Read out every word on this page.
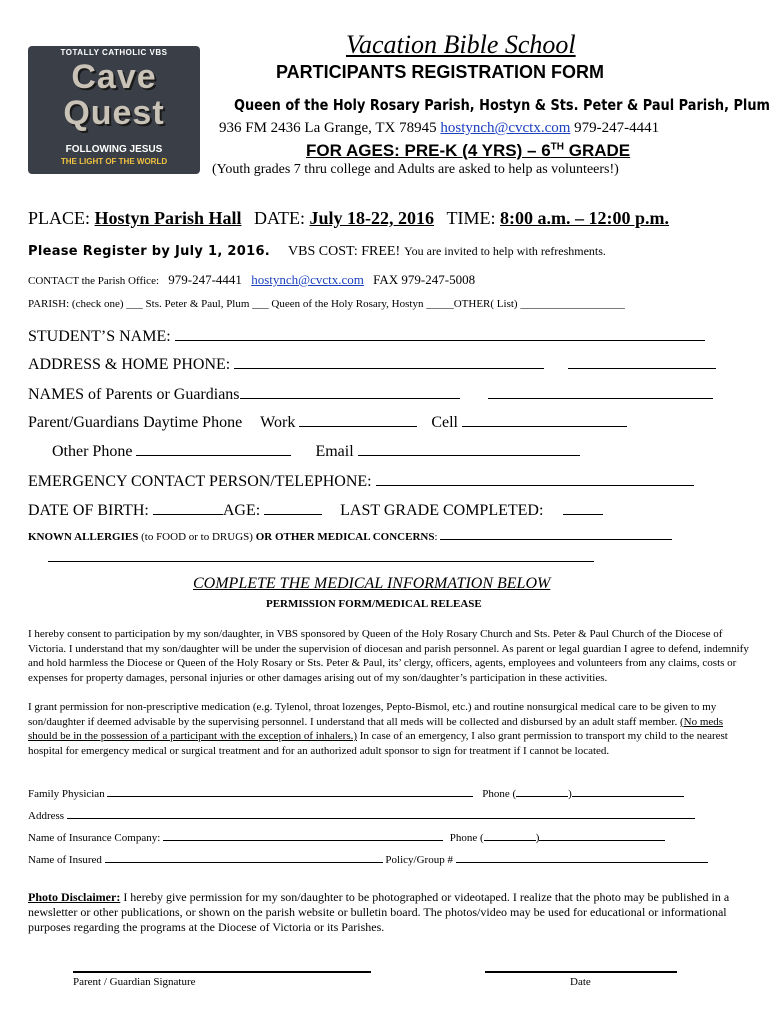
TOTALLY CATHOLIC VBS
Cave
Quest
FOLLOWING JESUS
THE LIGHT OF THE WORLD
Vacation Bible School
PARTICIPANTS REGISTRATION FORM
Queen of the Holy Rosary Parish, Hostyn & Sts. Peter & Paul Parish, Plum
936 FM 2436 La Grange, TX 78945 hostynch@cvctx.com 979-247-4441
FOR AGES: PRE-K (4 YRS) – 6TH GRADE
(Youth grades 7 thru college and Adults are asked to help as volunteers!)
PLACE: Hostyn Parish Hall DATE: July 18-22, 2016 TIME: 8:00 a.m. – 12:00 p.m.
Please Register by July 1, 2016. VBS COST: FREE! You are invited to help with refreshments.
CONTACT the Parish Office: 979-247-4441 hostynch@cvctx.com FAX 979-247-5008
PARISH: (check one) ___ Sts. Peter & Paul, Plum ___ Queen of the Holy Rosary, Hostyn _____OTHER( List) ___________________
STUDENT’S NAME:
ADDRESS & HOME PHONE:
NAMES of Parents or Guardians
Parent/Guardians Daytime Phone Work	Cell
Other Phone	Email
EMERGENCY CONTACT PERSON/TELEPHONE:
DATE OF BIRTH:	AGE:	LAST GRADE COMPLETED:
KNOWN ALLERGIES (to FOOD or to DRUGS) OR OTHER MEDICAL CONCERNS:
COMPLETE THE MEDICAL INFORMATION BELOW
PERMISSION FORM/MEDICAL RELEASE
I hereby consent to participation by my son/daughter, in VBS sponsored by Queen of the Holy Rosary Church and Sts. Peter & Paul Church of the Diocese of Victoria. I understand that my son/daughter will be under the supervision of diocesan and parish personnel. As parent or legal guardian I agree to defend, indemnify and hold harmless the Diocese or Queen of the Holy Rosary or Sts. Peter & Paul, its’ clergy, officers, agents, employees and volunteers from any claims, costs or expenses for property damages, personal injuries or other damages arising out of my son/daughter’s participation in these activities.
I grant permission for non-prescriptive medication (e.g. Tylenol, throat lozenges, Pepto-Bismol, etc.) and routine nonsurgical medical care to be given to my son/daughter if deemed advisable by the supervising personnel. I understand that all meds will be collected and disbursed by an adult staff member. (No meds should be in the possession of a participant with the exception of inhalers.) In case of an emergency, I also grant permission to transport my child to the nearest hospital for emergency medical or surgical treatment and for an authorized adult sponsor to sign for treatment if I cannot be located.
Family Physician	Phone (	)
Address
Name of Insurance Company:	Phone (	)
Name of Insured	Policy/Group #
Photo Disclaimer: I hereby give permission for my son/daughter to be photographed or videotaped. I realize that the photo may be published in a newsletter or other publications, or shown on the parish website or bulletin board. The photos/video may be used for educational or informational purposes regarding the programs at the Diocese of Victoria or its Parishes.
Parent / Guardian Signature	Date
